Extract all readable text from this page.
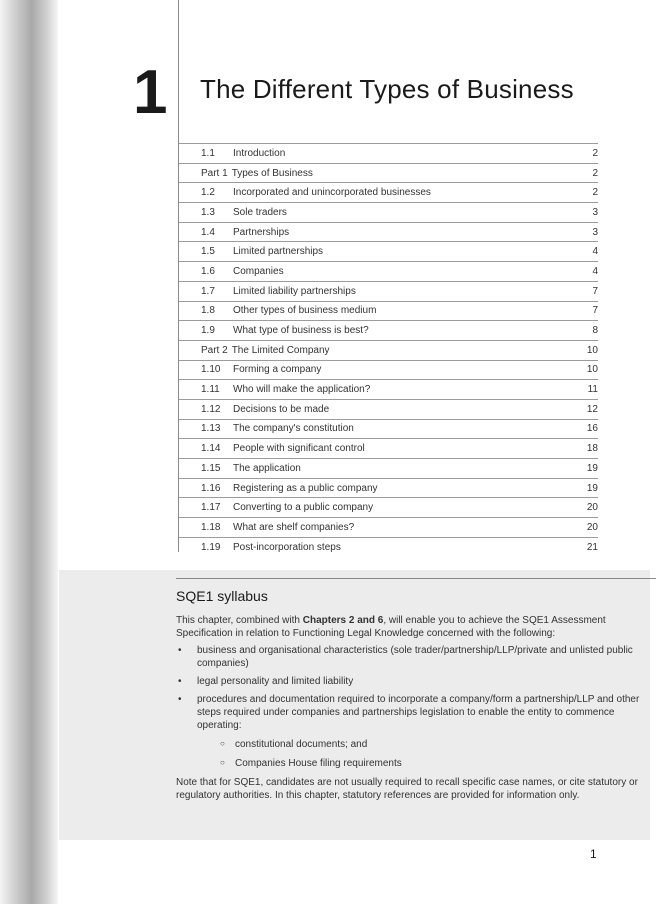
1 The Different Types of Business
1.1	Introduction	2
Part 1 Types of Business	2
1.2	Incorporated and unincorporated businesses	2
1.3	Sole traders	3
1.4	Partnerships	3
1.5	Limited partnerships	4
1.6	Companies	4
1.7	Limited liability partnerships	7
1.8	Other types of business medium	7
1.9	What type of business is best?	8
Part 2 The Limited Company	10
1.10	Forming a company	10
1.11	Who will make the application?	11
1.12	Decisions to be made	12
1.13	The company's constitution	16
1.14	People with significant control	18
1.15	The application	19
1.16	Registering as a public company	19
1.17	Converting to a public company	20
1.18	What are shelf companies?	20
1.19	Post-incorporation steps	21
SQE1 syllabus

This chapter, combined with Chapters 2 and 6, will enable you to achieve the SQE1 Assessment Specification in relation to Functioning Legal Knowledge concerned with the following:

• business and organisational characteristics (sole trader/partnership/LLP/private and unlisted public companies)
• legal personality and limited liability
• procedures and documentation required to incorporate a company/form a partnership/LLP and other steps required under companies and partnerships legislation to enable the entity to commence operating:
○ constitutional documents; and
○ Companies House filing requirements

Note that for SQE1, candidates are not usually required to recall specific case names, or cite statutory or regulatory authorities. In this chapter, statutory references are provided for information only.

1
